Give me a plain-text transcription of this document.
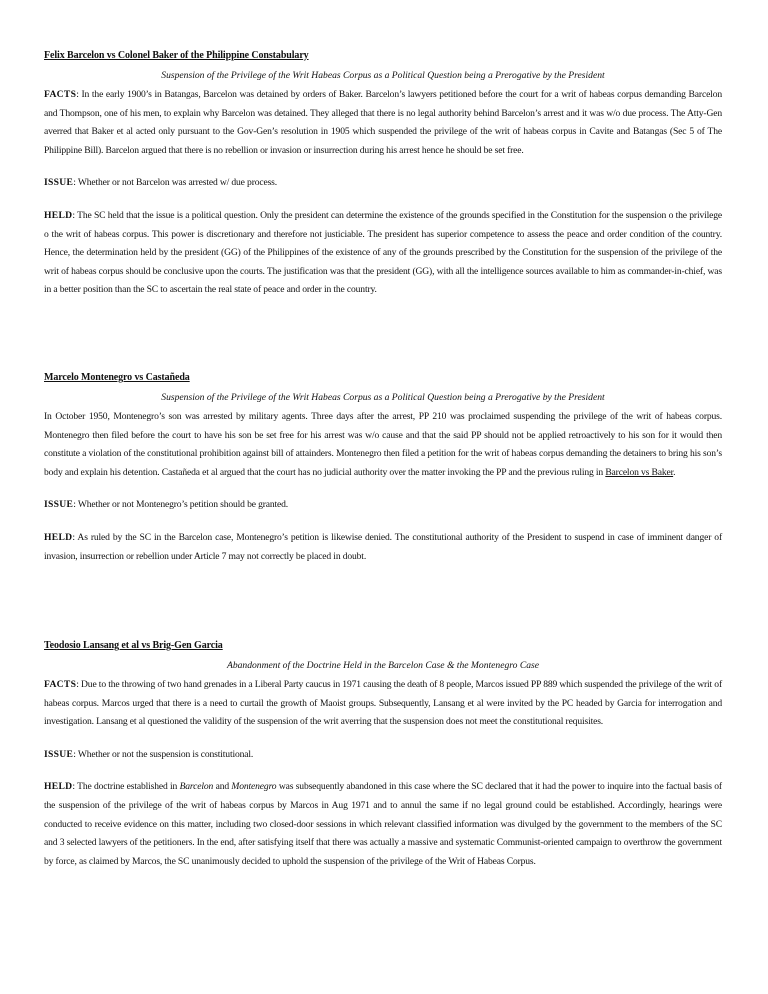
Felix Barcelon vs Colonel Baker of the Philippine Constabulary

Suspension of the Privilege of the Writ Habeas Corpus as a Political Question being a Prerogative by the President

FACTS: In the early 1900’s in Batangas, Barcelon was detained by orders of Baker. Barcelon’s lawyers petitioned before the court for a writ of habeas corpus demanding Barcelon and Thompson, one of his men, to explain why Barcelon was detained. They alleged that there is no legal authority behind Barcelon’s arrest and it was w/o due process. The Atty-Gen averred that Baker et al acted only pursuant to the Gov-Gen’s resolution in 1905 which suspended the privilege of the writ of habeas corpus in Cavite and Batangas (Sec 5 of The Philippine Bill). Barcelon argued that there is no rebellion or invasion or insurrection during his arrest hence he should be set free.

ISSUE: Whether or not Barcelon was arrested w/ due process.

HELD: The SC held that the issue is a political question. Only the president can determine the existence of the grounds specified in the Constitution for the suspension o the privilege o the writ of habeas corpus. This power is discretionary and therefore not justiciable. The president has superior competence to assess the peace and order condition of the country. Hence, the determination held by the president (GG) of the Philippines of the existence of any of the grounds prescribed by the Constitution for the suspension of the privilege of the writ of habeas corpus should be conclusive upon the courts. The justification was that the president (GG), with all the intelligence sources available to him as commander-in-chief, was in a better position than the SC to ascertain the real state of peace and order in the country.

Marcelo Montenegro vs Castañeda

Suspension of the Privilege of the Writ Habeas Corpus as a Political Question being a Prerogative by the President

In October 1950, Montenegro’s son was arrested by military agents. Three days after the arrest, PP 210 was proclaimed suspending the privilege of the writ of habeas corpus. Montenegro then filed before the court to have his son be set free for his arrest was w/o cause and that the said PP should not be applied retroactively to his son for it would then constitute a violation of the constitutional prohibition against bill of attainders. Montenegro then filed a petition for the writ of habeas corpus demanding the detainers to bring his son’s body and explain his detention. Castañeda et al argued that the court has no judicial authority over the matter invoking the PP and the previous ruling in Barcelon vs Baker.

ISSUE: Whether or not Montenegro’s petition should be granted.

HELD: As ruled by the SC in the Barcelon case, Montenegro’s petition is likewise denied. The constitutional authority of the President to suspend in case of imminent danger of invasion, insurrection or rebellion under Article 7 may not correctly be placed in doubt.

Teodosio Lansang et al vs Brig-Gen Garcia

Abandonment of the Doctrine Held in the Barcelon Case & the Montenegro Case

FACTS: Due to the throwing of two hand grenades in a Liberal Party caucus in 1971 causing the death of 8 people, Marcos issued PP 889 which suspended the privilege of the writ of habeas corpus. Marcos urged that there is a need to curtail the growth of Maoist groups. Subsequently, Lansang et al were invited by the PC headed by Garcia for interrogation and investigation. Lansang et al questioned the validity of the suspension of the writ averring that the suspension does not meet the constitutional requisites.

ISSUE: Whether or not the suspension is constitutional.

HELD: The doctrine established in Barcelon and Montenegro was subsequently abandoned in this case where the SC declared that it had the power to inquire into the factual basis of the suspension of the privilege of the writ of habeas corpus by Marcos in Aug 1971 and to annul the same if no legal ground could be established. Accordingly, hearings were conducted to receive evidence on this matter, including two closed-door sessions in which relevant classified information was divulged by the government to the members of the SC and 3 selected lawyers of the petitioners. In the end, after satisfying itself that there was actually a massive and systematic Communist-oriented campaign to overthrow the government by force, as claimed by Marcos, the SC unanimously decided to uphold the suspension of the privilege of the Writ of Habeas Corpus.
